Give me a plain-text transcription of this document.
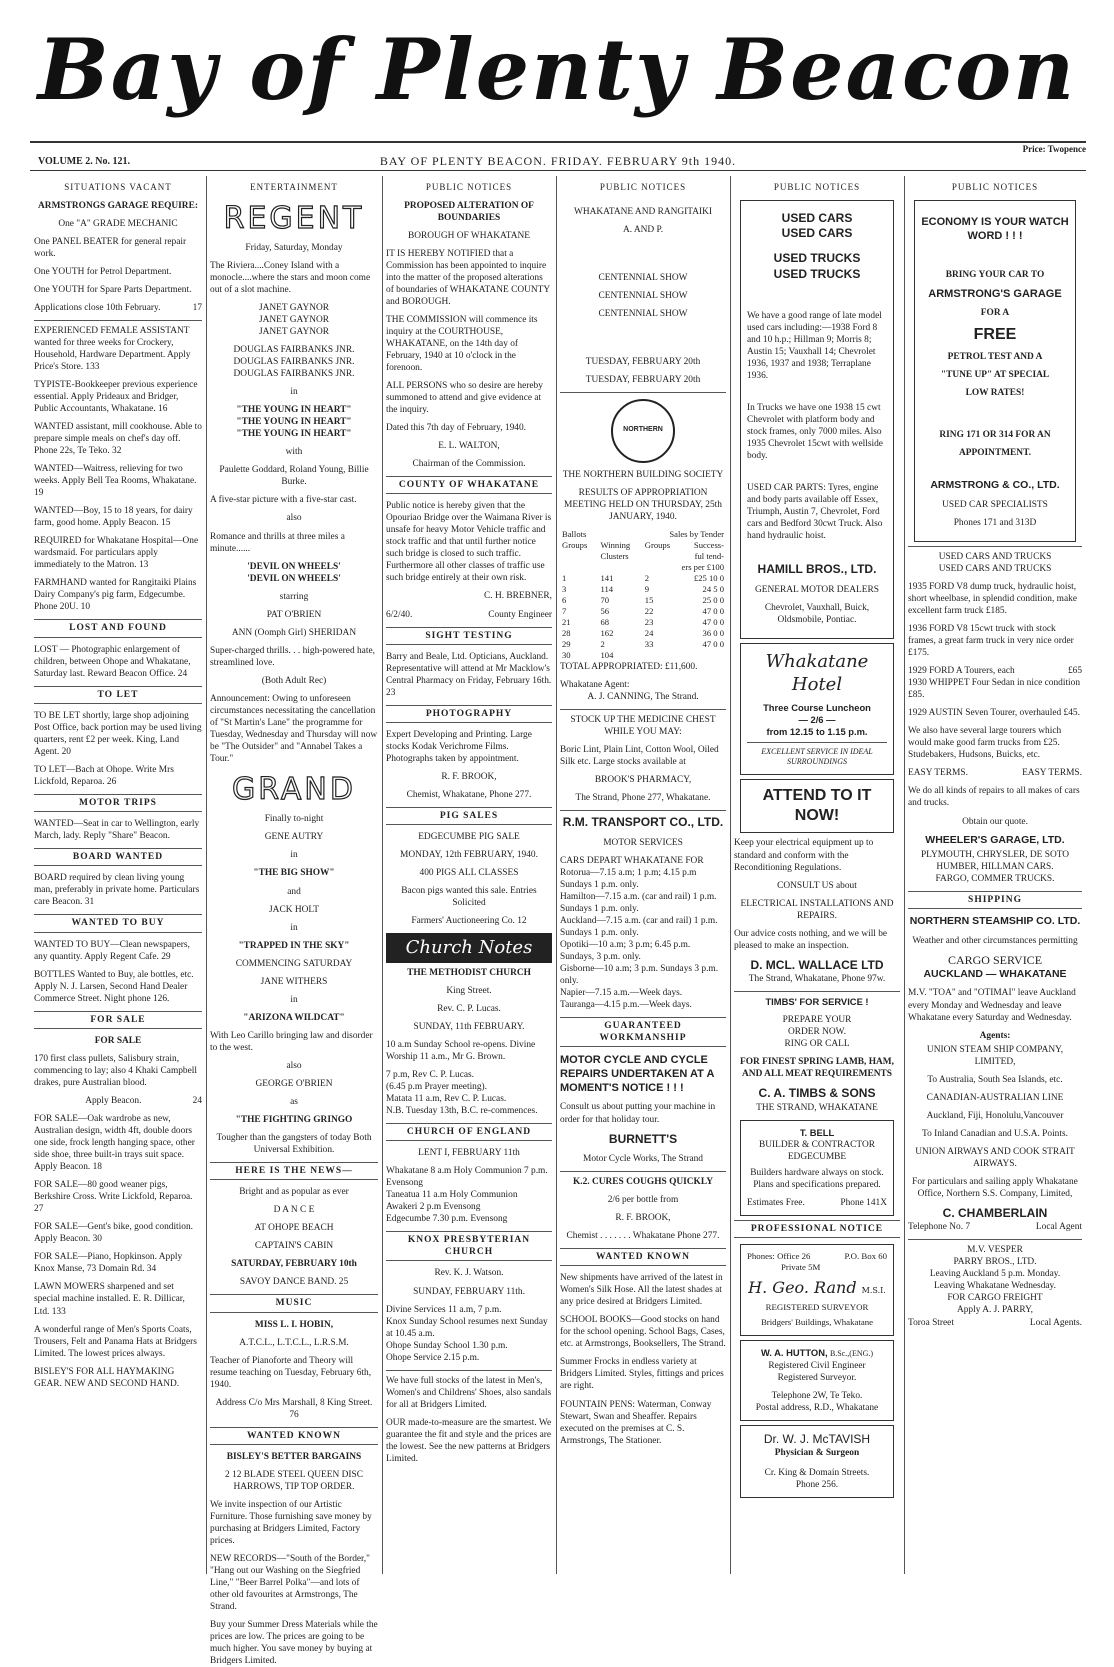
Bay of Plenty Beacon
VOLUME 2. No. 121.	BAY OF PLENTY BEACON. FRIDAY. FEBRUARY 9th 1940.
Price: Twopence
SITUATIONS VACANT

ARMSTRONGS GARAGE REQUIRE:

One "A" GRADE MECHANIC

One PANEL BEATER for general repair work.

One YOUTH for Petrol Department.

One YOUTH for Spare Parts Department.

Applications close 10th February.	17

EXPERIENCED FEMALE ASSISTANT wanted for three weeks for Crockery, Household, Hardware Department. Apply Price's Store. 133

TYPISTE-Bookkeeper previous experience essential. Apply Prideaux and Bridger, Public Accountants, Whakatane. 16

WANTED assistant, mill cookhouse. Able to prepare simple meals on chef's day off. Phone 22s, Te Teko. 32

WANTED—Waitress, relieving for two weeks. Apply Bell Tea Rooms, Whakatane. 19

WANTED—Boy, 15 to 18 years, for dairy farm, good home. Apply Beacon. 15

REQUIRED for Whakatane Hospital—One wardsmaid. For particulars apply immediately to the Matron. 13

FARMHAND wanted for Rangitaiki Plains Dairy Company's pig farm, Edgecumbe. Phone 20U. 10

LOST AND FOUND

LOST — Photographic enlargement of children, between Ohope and Whakatane, Saturday last. Reward Beacon Office. 24

TO LET

TO BE LET shortly, large shop adjoining Post Office, back portion may be used living quarters, rent £2 per week. King, Land Agent. 20

TO LET—Bach at Ohope. Write Mrs Lickfold, Reparoa. 26

MOTOR TRIPS

WANTED—Seat in car to Wellington, early March, lady. Reply "Share" Beacon.

BOARD WANTED

BOARD required by clean living young man, preferably in private home. Particulars care Beacon. 31

WANTED TO BUY

WANTED TO BUY—Clean newspapers, any quantity. Apply Regent Cafe. 29

BOTTLES Wanted to Buy, ale bottles, etc. Apply N. J. Larsen, Second Hand Dealer Commerce Street. Night phone 126.

FOR SALE

FOR SALE

170 first class pullets, Salisbury strain, commencing to lay; also 4 Khaki Campbell drakes, pure Australian blood.

Apply Beacon.	24

FOR SALE—Oak wardrobe as new, Australian design, width 4ft, double doors one side, frock length hanging space, other side shoe, three built-in trays suit space. Apply Beacon. 18

FOR SALE—80 good weaner pigs, Berkshire Cross. Write Lickfold, Reparoa. 27

FOR SALE—Gent's bike, good condition. Apply Beacon. 30

FOR SALE—Piano, Hopkinson. Apply Knox Manse, 73 Domain Rd. 34

LAWN MOWERS sharpened and set special machine installed. E. R. Dillicar, Ltd. 133

A wonderful range of Men's Sports Coats, Trousers, Felt and Panama Hats at Bridgers Limited. The lowest prices always.

BISLEY'S FOR ALL HAYMAKING GEAR. NEW AND SECOND HAND.

ENTERTAINMENT
REGENT

Friday, Saturday, Monday

The Riviera....Coney Island with a monocle....where the stars and moon come out of a slot machine.

JANET GAYNOR
JANET GAYNOR
JANET GAYNOR
DOUGLAS FAIRBANKS JNR.
DOUGLAS FAIRBANKS JNR.
DOUGLAS FAIRBANKS JNR.

in

"THE YOUNG IN HEART"
"THE YOUNG IN HEART"
"THE YOUNG IN HEART"

with

Paulette Goddard, Roland Young, Billie Burke.

A five-star picture with a five-star cast.

also

Romance and thrills at three miles a minute......

'DEVIL ON WHEELS'
'DEVIL ON WHEELS'

starring

PAT O'BRIEN

ANN (Oomph Girl) SHERIDAN

Super-charged thrills. . . high-powered hate, streamlined love.

(Both Adult Rec)

Announcement: Owing to unforeseen circumstances necessitating the cancellation of "St Martin's Lane" the programme for Tuesday, Wednesday and Thursday will now be "The Outsider" and "Annabel Takes a Tour."

GRAND

Finally to-night

GENE AUTRY

in

"THE BIG SHOW"

and

JACK HOLT

in

"TRAPPED IN THE SKY"

COMMENCING SATURDAY

JANE WITHERS

in

"ARIZONA WILDCAT"

With Leo Carillo bringing law and disorder to the west.

also

GEORGE O'BRIEN

as

"THE FIGHTING GRINGO

Tougher than the gangsters of today Both Universal Exhibition.

HERE IS THE NEWS—

Bright and as popular as ever

D A N C E

AT OHOPE BEACH

CAPTAIN'S CABIN

SATURDAY, FEBRUARY 10th

SAVOY DANCE BAND. 25

MUSIC

MISS L. I. HOBIN,

A.T.C.L., L.T.C.L., L.R.S.M.

Teacher of Pianoforte and Theory will resume teaching on Tuesday, February 6th, 1940.

Address C/o Mrs Marshall, 8 King Street. 76

WANTED KNOWN

BISLEY'S BETTER BARGAINS

2 12 BLADE STEEL QUEEN DISC HARROWS, TIP TOP ORDER.

We invite inspection of our Artistic Furniture. Those furnishing save money by purchasing at Bridgers Limited, Factory prices.

NEW RECORDS—"South of the Border," "Hang out our Washing on the Siegfried Line," "Beer Barrel Polka"—and lots of other old favourites at Armstrongs, The Strand.

Buy your Summer Dress Materials while the prices are low. The prices are going to be much higher. You save money by buying at Bridgers Limited.

PUBLIC NOTICES

PROPOSED ALTERATION OF BOUNDARIES

BOROUGH OF WHAKATANE

IT IS HEREBY NOTIFIED that a Commission has been appointed to inquire into the matter of the proposed alterations of boundaries of WHAKATANE COUNTY and BOROUGH.

THE COMMISSION will commence its inquiry at the COURTHOUSE, WHAKATANE, on the 14th day of February, 1940 at 10 o'clock in the forenoon.

ALL PERSONS who so desire are hereby summoned to attend and give evidence at the inquiry.

Dated this 7th day of February, 1940.

E. L. WALTON,

Chairman of the Commission.

COUNTY OF WHAKATANE

Public notice is hereby given that the Opouriao Bridge over the Waimana River is unsafe for heavy Motor Vehicle traffic and stock traffic and that until further notice such bridge is closed to such traffic. Furthermore all other classes of traffic use such bridge entirely at their own risk.

C. H. BREBNER,

6/2/40.	County Engineer

SIGHT TESTING

Barry and Beale, Ltd. Opticians, Auckland. Representative will attend at Mr Macklow's Central Pharmacy on Friday, February 16th. 23

PHOTOGRAPHY

Expert Developing and Printing. Large stocks Kodak Verichrome Films. Photographs taken by appointment.

R. F. BROOK,

Chemist, Whakatane, Phone 277.

PIG SALES

EDGECUMBE PIG SALE

MONDAY, 12th FEBRUARY, 1940.

400 PIGS ALL CLASSES

Bacon pigs wanted this sale. Entries Solicited

Farmers' Auctioneering Co. 12

Church Notes

THE METHODIST CHURCH

King Street.

Rev. C. P. Lucas.

SUNDAY, 11th FEBRUARY.

10 a.m Sunday School re-opens. Divine Worship 11 a.m., Mr G. Brown.

7 p.m, Rev C. P. Lucas.
(6.45 p.m Prayer meeting).
Matata 11 a.m, Rev C. P. Lucas.

N.B. Tuesday 13th, B.C. re-commences.

CHURCH OF ENGLAND

LENT I, FEBRUARY 11th

Whakatane 8 a.m Holy Communion 7 p.m. Evensong
Taneatua 11 a.m Holy Communion
Awakeri 2 p.m Evensong

Edgecumbe 7.30 p.m. Evensong

KNOX PRESBYTERIAN CHURCH

Rev. K. J. Watson.

SUNDAY, FEBRUARY 11th.

Divine Services 11 a.m, 7 p.m.
Knox Sunday School resumes next Sunday at 10.45 a.m.
Ohope Sunday School 1.30 p.m.

Ohope Service 2.15 p.m.

We have full stocks of the latest in Men's, Women's and Childrens' Shoes, also sandals for all at Bridgers Limited.

OUR made-to-measure are the smartest. We guarantee the fit and style and the prices are the lowest. See the new patterns at Bridgers Limited.

PUBLIC NOTICES

WHAKATANE AND RANGITAIKI

A. AND P.

CENTENNIAL SHOW

CENTENNIAL SHOW

CENTENNIAL SHOW

TUESDAY, FEBRUARY 20th

TUESDAY, FEBRUARY 20th

NORTHERN

THE NORTHERN BUILDING SOCIETY

RESULTS OF APPROPRIATION MEETING HELD ON THURSDAY, 25th JANUARY, 1940.

Ballots	Sales by Tender		
Groups	Winning	Groups	Success-
	Clusters		ful tend-
ers per £100			
1	141	2	£25 10 0
3	114	9	24 5 0
6	70	15	25 0 0
7	56	22	47 0 0
21	68	23	47 0 0
28	162	24	36 0 0
29	2	33	47 0 0
30	104		

TOTAL APPROPRIATED: £11,600.

Whakatane Agent:

A. J. CANNING, The Strand.

STOCK UP THE MEDICINE CHEST WHILE YOU MAY:

Boric Lint, Plain Lint, Cotton Wool, Oiled Silk etc. Large stocks available at

BROOK'S PHARMACY,

The Strand, Phone 277, Whakatane.

R.M. TRANSPORT CO., LTD.

MOTOR SERVICES

CARS DEPART WHAKATANE FOR Rotorua—7.15 a.m; 1 p.m; 4.15 p.m Sundays 1 p.m. only.
Hamilton—7.15 a.m. (car and rail) 1 p.m. Sundays 1 p.m. only.
Auckland—7.15 a.m. (car and rail) 1 p.m. Sundays 1 p.m. only.
Opotiki—10 a.m; 3 p.m; 6.45 p.m. Sundays, 3 p.m. only.
Gisborne—10 a.m; 3 p.m. Sundays 3 p.m. only.
Napier—7.15 a.m.—Week days.

Tauranga—4.15 p.m.—Week days.

GUARANTEED WORKMANSHIP

MOTOR CYCLE AND CYCLE REPAIRS UNDERTAKEN AT A MOMENT'S NOTICE ! ! !

Consult us about putting your machine in order for that holiday tour.

BURNETT'S

Motor Cycle Works, The Strand

K.2. CURES COUGHS QUICKLY

2/6 per bottle from

R. F. BROOK,

Chemist . . . . . . . Whakatane Phone 277.

WANTED KNOWN

New shipments have arrived of the latest in Women's Silk Hose. All the latest shades at any price desired at Bridgers Limited.

SCHOOL BOOKS—Good stocks on hand for the school opening. School Bags, Cases, etc. at Armstrongs, Booksellers, The Strand.

Summer Frocks in endless variety at Bridgers Limited. Styles, fittings and prices are right.

FOUNTAIN PENS: Waterman, Conway Stewart, Swan and Sheaffer. Repairs executed on the premises at C. S. Armstrongs, The Stationer.

PUBLIC NOTICES
USED CARS
USED CARS
USED TRUCKS
USED TRUCKS

We have a good range of late model used cars including:—1938 Ford 8 and 10 h.p.; Hillman 9; Morris 8; Austin 15; Vauxhall 14; Chevrolet 1936, 1937 and 1938; Terraplane 1936.

In Trucks we have one 1938 15 cwt Chevrolet with platform body and stock frames, only 7000 miles. Also 1935 Chevrolet 15cwt with wellside body.

USED CAR PARTS: Tyres, engine and body parts available off Essex, Triumph, Austin 7, Chevrolet, Ford cars and Bedford 30cwt Truck. Also hand hydraulic hoist.

HAMILL BROS., LTD.

GENERAL MOTOR DEALERS

Chevrolet, Vauxhall, Buick, Oldsmobile, Pontiac.

Whakatane Hotel
Three Course Luncheon
— 2/6 —
from 12.15 to 1.15 p.m.
EXCELLENT SERVICE IN IDEAL SURROUNDINGS
ATTEND TO IT NOW!

Keep your electrical equipment up to standard and conform with the Reconditioning Regulations.

CONSULT US about

ELECTRICAL INSTALLATIONS AND REPAIRS.

Our advice costs nothing, and we will be pleased to make an inspection.

D. MCL. WALLACE LTD

The Strand, Whakatane, Phone 97w.

TIMBS' FOR SERVICE !

PREPARE YOUR
ORDER NOW.

RING OR CALL

FOR FINEST SPRING LAMB, HAM, AND ALL MEAT REQUIREMENTS

C. A. TIMBS & SONS

THE STRAND, WHAKATANE

T. BELL
BUILDER & CONTRACTOR
EDGECUMBE

Builders hardware always on stock. Plans and specifications prepared.

Estimates Free.	Phone 141X
PROFESSIONAL NOTICE
Phones: Office 26	P.O. Box 60
Private 5M
H. Geo. Rand M.S.I.
REGISTERED SURVEYOR
Bridgers' Buildings, Whakatane
W. A. HUTTON, B.Sc.,(ENG.)
Registered Civil Engineer
Registered Surveyor.
Telephone 2W, Te Teko.
Postal address, R.D., Whakatane
Dr. W. J. McTAVISH
Physician & Surgeon
Cr. King & Domain Streets.
Phone 256.
PUBLIC NOTICES

ECONOMY IS YOUR WATCH WORD ! ! !

BRING YOUR CAR TO

ARMSTRONG'S GARAGE

FOR A

FREE

PETROL TEST AND A

"TUNE UP" AT SPECIAL

LOW RATES!

RING 171 OR 314 FOR AN

APPOINTMENT.

ARMSTRONG & CO., LTD.

USED CAR SPECIALISTS

Phones 171 and 313D

USED CARS AND TRUCKS

USED CARS AND TRUCKS

1935 FORD V8 dump truck, hydraulic hoist, short wheelbase, in splendid condition, make excellent farm truck £185.

1936 FORD V8 15cwt truck with stock frames, a great farm truck in very nice order £175.

1929 FORD A Tourers, each	£65

1930 WHIPPET Four Sedan in nice condition £85.

1929 AUSTIN Seven Tourer, overhauled £45.

We also have several large tourers which would make good farm trucks from £25. Studebakers, Hudsons, Buicks, etc.

EASY TERMS.	EASY TERMS.

We do all kinds of repairs to all makes of cars and trucks.

Obtain our quote.

WHEELER'S GARAGE, LTD.

PLYMOUTH, CHRYSLER, DE SOTO HUMBER, HILLMAN CARS.

FARGO, COMMER TRUCKS.

SHIPPING

NORTHERN STEAMSHIP CO. LTD.

Weather and other circumstances permitting

CARGO SERVICE

AUCKLAND — WHAKATANE

M.V. "TOA" and "OTIMAI" leave Auckland every Monday and Wednesday and leave Whakatane every Saturday and Wednesday.

Agents:

UNION STEAM SHIP COMPANY, LIMITED,

To Australia, South Sea Islands, etc.

CANADIAN-AUSTRALIAN LINE

Auckland, Fiji, Honolulu,Vancouver

To Inland Canadian and U.S.A. Points.

UNION AIRWAYS AND COOK STRAIT AIRWAYS.

For particulars and sailing apply Whakatane Office, Northern S.S. Company, Limited,

C. CHAMBERLAIN

Telephone No. 7	Local Agent

M.V. VESPER
PARRY BROS., LTD.
Leaving Auckland 5 p.m. Monday.
Leaving Whakatane Wednesday.
FOR CARGO FREIGHT
Apply A. J. PARRY,
Toroa Street	Local Agents.
